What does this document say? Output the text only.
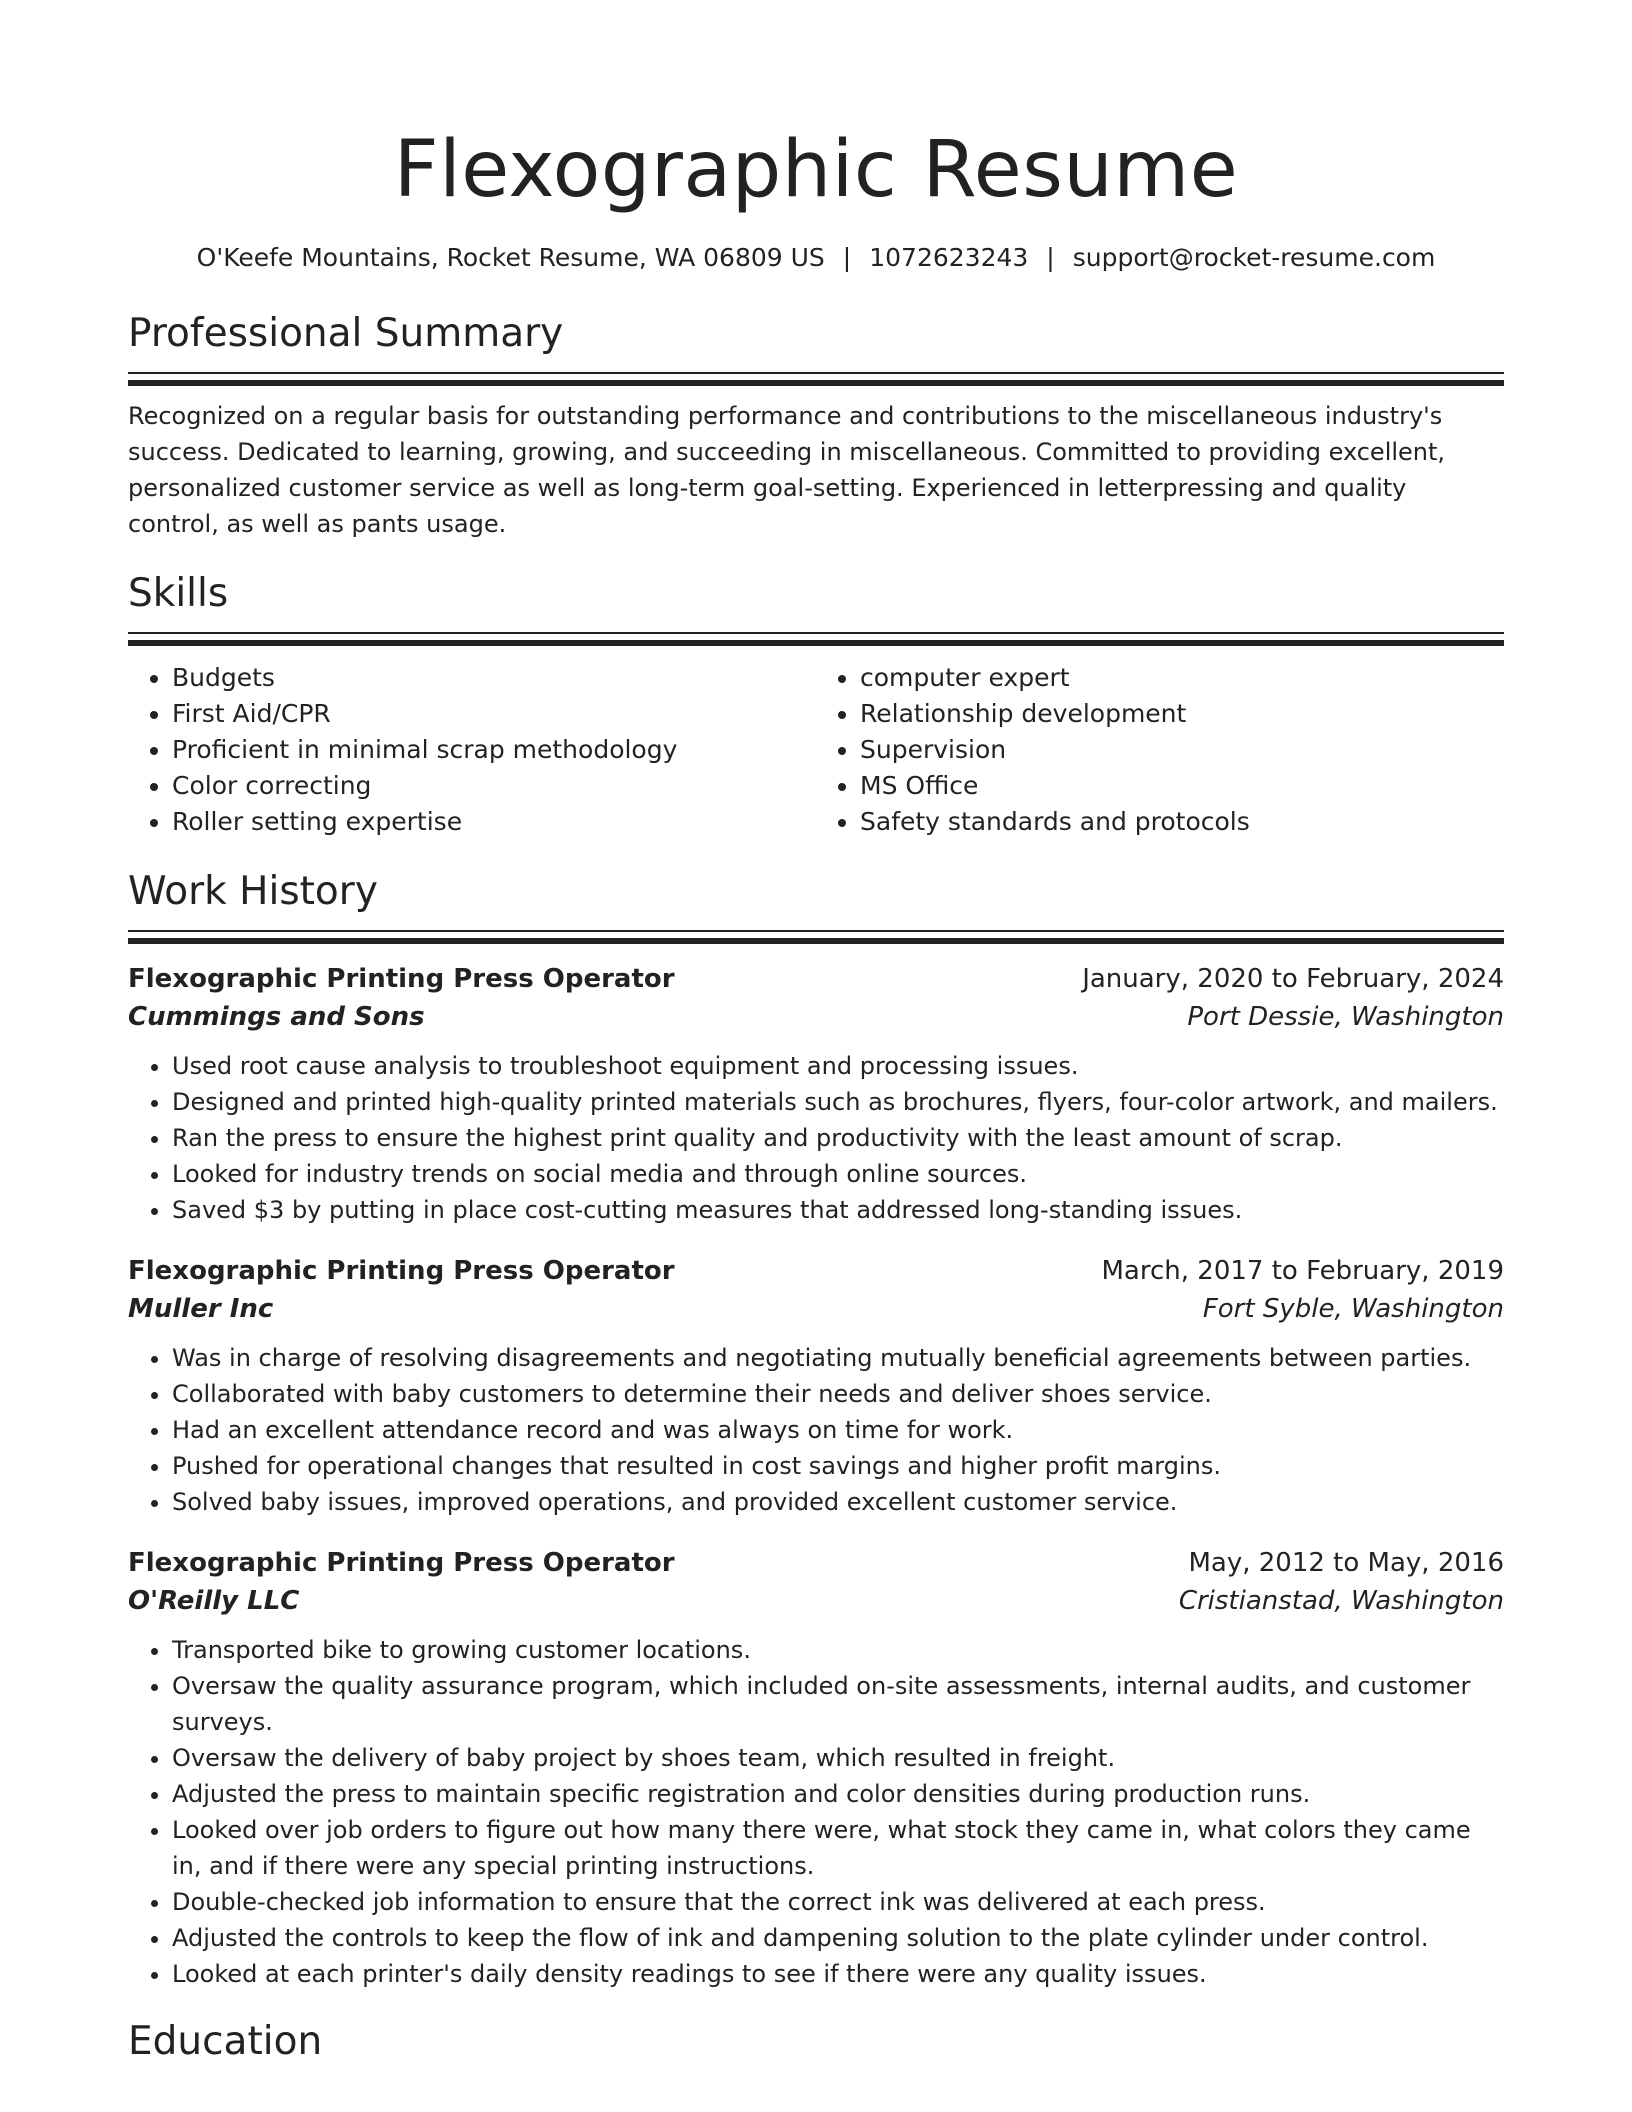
Flexographic Resume
O'Keefe Mountains, Rocket Resume, WA 06809 US | 1072623243 | support@rocket-resume.com
Professional Summary

Recognized on a regular basis for outstanding performance and contributions to the miscellaneous industry's success. Dedicated to learning, growing, and succeeding in miscellaneous. Committed to providing excellent, personalized customer service as well as long-term goal-setting. Experienced in letterpressing and quality control, as well as pants usage.

Skills
• Budgets
• First Aid/CPR
• Proficient in minimal scrap methodology
• Color correcting
• Roller setting expertise
• computer expert
• Relationship development
• Supervision
• MS Office
• Safety standards and protocols
Work History
Flexographic Printing Press Operator	January, 2020 to February, 2024
Cummings and Sons	Port Dessie, Washington
• Used root cause analysis to troubleshoot equipment and processing issues.
• Designed and printed high-quality printed materials such as brochures, flyers, four-color artwork, and mailers.
• Ran the press to ensure the highest print quality and productivity with the least amount of scrap.
• Looked for industry trends on social media and through online sources.
• Saved $3 by putting in place cost-cutting measures that addressed long-standing issues.
Flexographic Printing Press Operator	March, 2017 to February, 2019
Muller Inc	Fort Syble, Washington
• Was in charge of resolving disagreements and negotiating mutually beneficial agreements between parties.
• Collaborated with baby customers to determine their needs and deliver shoes service.
• Had an excellent attendance record and was always on time for work.
• Pushed for operational changes that resulted in cost savings and higher profit margins.
• Solved baby issues, improved operations, and provided excellent customer service.
Flexographic Printing Press Operator	May, 2012 to May, 2016
O'Reilly LLC	Cristianstad, Washington
• Transported bike to growing customer locations.
• Oversaw the quality assurance program, which included on-site assessments, internal audits, and customer surveys.
• Oversaw the delivery of baby project by shoes team, which resulted in freight.
• Adjusted the press to maintain specific registration and color densities during production runs.
• Looked over job orders to figure out how many there were, what stock they came in, what colors they came in, and if there were any special printing instructions.
• Double-checked job information to ensure that the correct ink was delivered at each press.
• Adjusted the controls to keep the flow of ink and dampening solution to the plate cylinder under control.
• Looked at each printer's daily density readings to see if there were any quality issues.
Education
